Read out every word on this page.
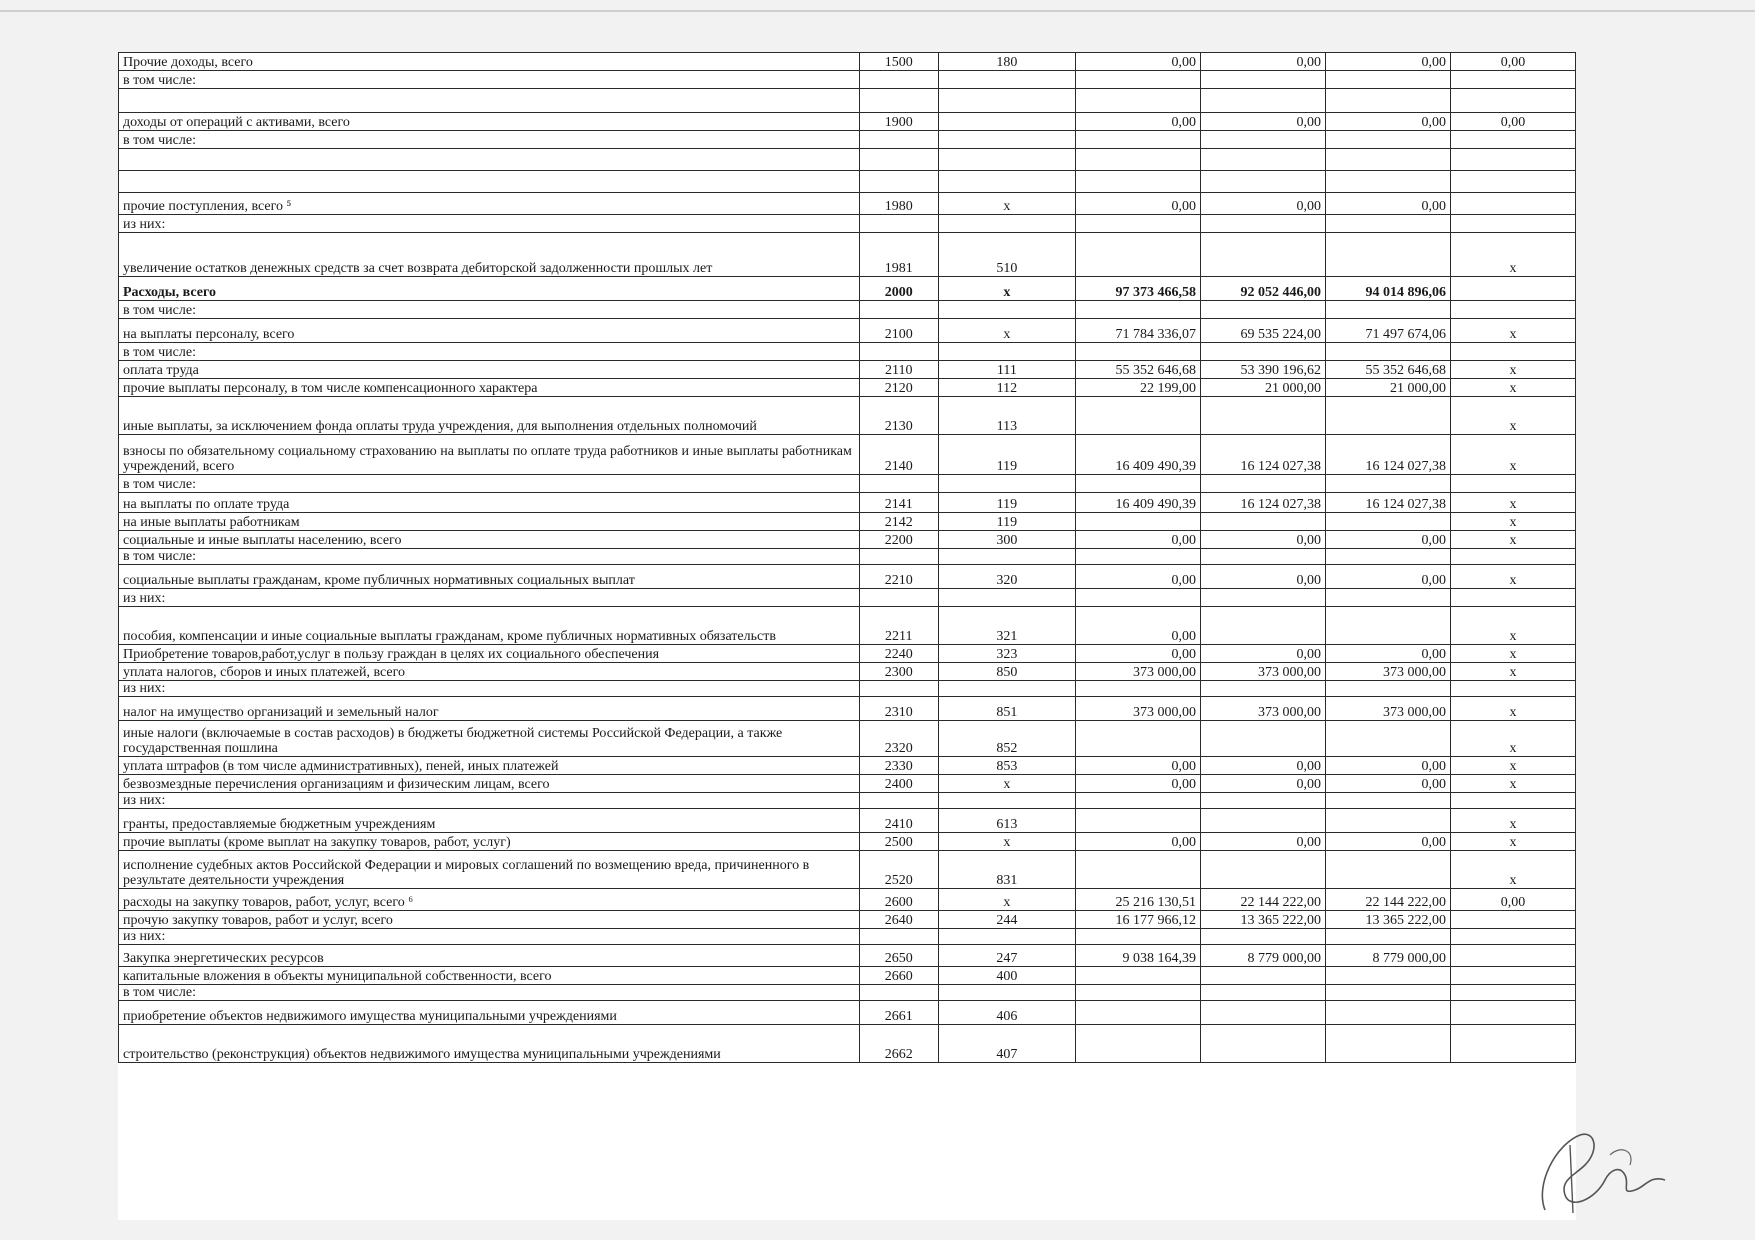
Прочие доходы, всего	1500	180	0,00	0,00	0,00	0,00
в том числе:						

доходы от операций с активами, всего	1900		0,00	0,00	0,00	0,00
в том числе:						

прочие поступления, всего ⁵	1980	х	0,00	0,00	0,00	
из них:						
увеличение остатков денежных средств за счет возврата дебиторской задолженности прошлых лет	1981	510				х
Расходы, всего	2000	х	97 373 466,58	92 052 446,00	94 014 896,06	
в том числе:						
на выплаты персоналу, всего	2100	х	71 784 336,07	69 535 224,00	71 497 674,06	х
в том числе:						
оплата труда	2110	111	55 352 646,68	53 390 196,62	55 352 646,68	х
прочие выплаты персоналу, в том числе компенсационного характера	2120	112	22 199,00	21 000,00	21 000,00	х
иные выплаты, за исключением фонда оплаты труда учреждения, для выполнения отдельных полномочий	2130	113				х
взносы по обязательному социальному страхованию на выплаты по оплате труда работников и иные выплаты работникам учреждений, всего	2140	119	16 409 490,39	16 124 027,38	16 124 027,38	х
в том числе:						
на выплаты по оплате труда	2141	119	16 409 490,39	16 124 027,38	16 124 027,38	х
на иные выплаты работникам	2142	119				х
социальные и иные выплаты населению, всего	2200	300	0,00	0,00	0,00	х
в том числе:						
социальные выплаты гражданам, кроме публичных нормативных социальных выплат	2210	320	0,00	0,00	0,00	х
из них:						
пособия, компенсации и иные социальные выплаты гражданам, кроме публичных нормативных обязательств	2211	321	0,00			х
Приобретение товаров,работ,услуг в пользу граждан в целях их социального обеспечения	2240	323	0,00	0,00	0,00	х
уплата налогов, сборов и иных платежей, всего	2300	850	373 000,00	373 000,00	373 000,00	х
из них:						
налог на имущество организаций и земельный налог	2310	851	373 000,00	373 000,00	373 000,00	х
иные налоги (включаемые в состав расходов) в бюджеты бюджетной системы Российской Федерации, а также государственная пошлина	2320	852				х
уплата штрафов (в том числе административных), пеней, иных платежей	2330	853	0,00	0,00	0,00	х
безвозмездные перечисления организациям и физическим лицам, всего	2400	х	0,00	0,00	0,00	х
из них:						
гранты, предоставляемые бюджетным учреждениям	2410	613				х
прочие выплаты (кроме выплат на закупку товаров, работ, услуг)	2500	х	0,00	0,00	0,00	х
исполнение судебных актов Российской Федерации и мировых соглашений по возмещению вреда, причиненного в результате деятельности учреждения	2520	831				х
расходы на закупку товаров, работ, услуг, всего ⁶	2600	х	25 216 130,51	22 144 222,00	22 144 222,00	0,00
прочую закупку товаров, работ и услуг, всего	2640	244	16 177 966,12	13 365 222,00	13 365 222,00	
из них:						
Закупка энергетических ресурсов	2650	247	9 038 164,39	8 779 000,00	8 779 000,00	
капитальные вложения в объекты муниципальной собственности, всего	2660	400				
в том числе:						
приобретение объектов недвижимого имущества муниципальными учреждениями	2661	406				
строительство (реконструкция) объектов недвижимого имущества муниципальными учреждениями	2662	407				
